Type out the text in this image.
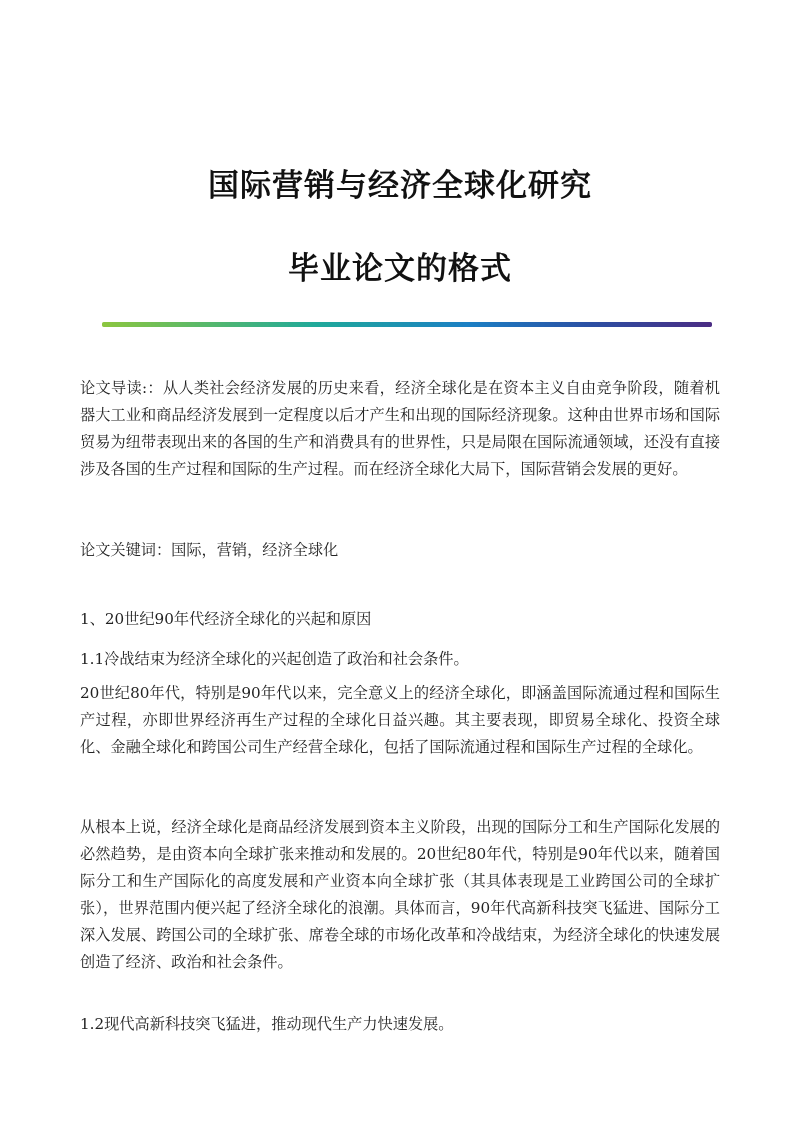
国际营销与经济全球化研究
毕业论文的格式

论文导读:：从人类社会经济发展的历史来看，经济全球化是在资本主义自由竞争阶段，随着机器大工业和商品经济发展到一定程度以后才产生和出现的国际经济现象。这种由世界市场和国际贸易为纽带表现出来的各国的生产和消费具有的世界性，只是局限在国际流通领域，还没有直接涉及各国的生产过程和国际的生产过程。而在经济全球化大局下，国际营销会发展的更好。

论文关键词：国际，营销，经济全球化

1、20世纪90年代经济全球化的兴起和原因

1.1冷战结束为经济全球化的兴起创造了政治和社会条件。

20世纪80年代，特别是90年代以来，完全意义上的经济全球化，即涵盖国际流通过程和国际生产过程，亦即世界经济再生产过程的全球化日益兴趣。其主要表现，即贸易全球化、投资全球化、金融全球化和跨国公司生产经营全球化，包括了国际流通过程和国际生产过程的全球化。

从根本上说，经济全球化是商品经济发展到资本主义阶段，出现的国际分工和生产国际化发展的必然趋势，是由资本向全球扩张来推动和发展的。20世纪80年代，特别是90年代以来，随着国际分工和生产国际化的高度发展和产业资本向全球扩张（其具体表现是工业跨国公司的全球扩张），世界范围内便兴起了经济全球化的浪潮。具体而言，90年代高新科技突飞猛进、国际分工深入发展、跨国公司的全球扩张、席卷全球的市场化改革和冷战结束，为经济全球化的快速发展创造了经济、政治和社会条件。

1.2现代高新科技突飞猛进，推动现代生产力快速发展。
